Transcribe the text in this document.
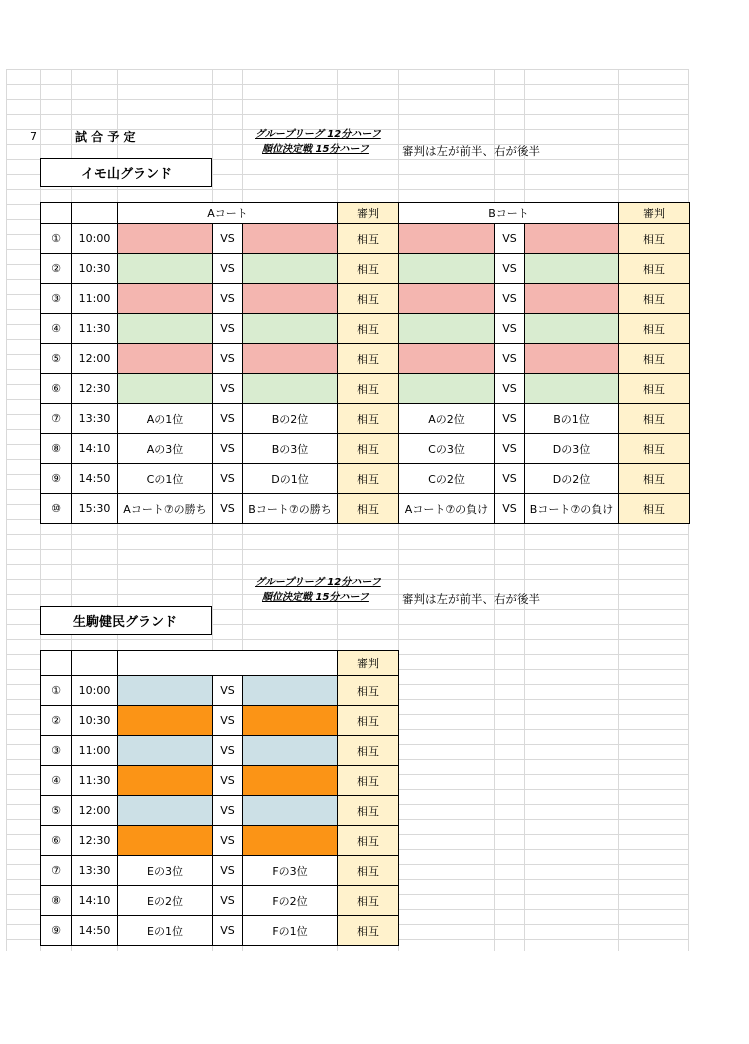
7	試 合 予 定	グループリーグ 12分ハーフ
順位決定戦 15分ハーフ	審判は左が前半、右が後半
イモ山グランド
		Aコート			審判	Bコート			審判
①	10:00		VS		相互		VS		相互
②	10:30		VS		相互		VS		相互
③	11:00		VS		相互		VS		相互
④	11:30		VS		相互		VS		相互
⑤	12:00		VS		相互		VS		相互
⑥	12:30		VS		相互		VS		相互
⑦	13:30	Aの1位	VS	Bの2位	相互	Aの2位	VS	Bの1位	相互
⑧	14:10	Aの3位	VS	Bの3位	相互	Cの3位	VS	Dの3位	相互
⑨	14:50	Cの1位	VS	Dの1位	相互	Cの2位	VS	Dの2位	相互
⑩	15:30	Aコート⑦の勝ち	VS	Bコート⑦の勝ち	相互	Aコート⑦の負け	VS	Bコート⑦の負け	相互
グループリーグ 12分ハーフ
順位決定戦 15分ハーフ	審判は左が前半、右が後半
生駒健民グランド
					審判
①	10:00		VS		相互
②	10:30		VS		相互
③	11:00		VS		相互
④	11:30		VS		相互
⑤	12:00		VS		相互
⑥	12:30		VS		相互
⑦	13:30	Eの3位	VS	Fの3位	相互
⑧	14:10	Eの2位	VS	Fの2位	相互
⑨	14:50	Eの1位	VS	Fの1位	相互
